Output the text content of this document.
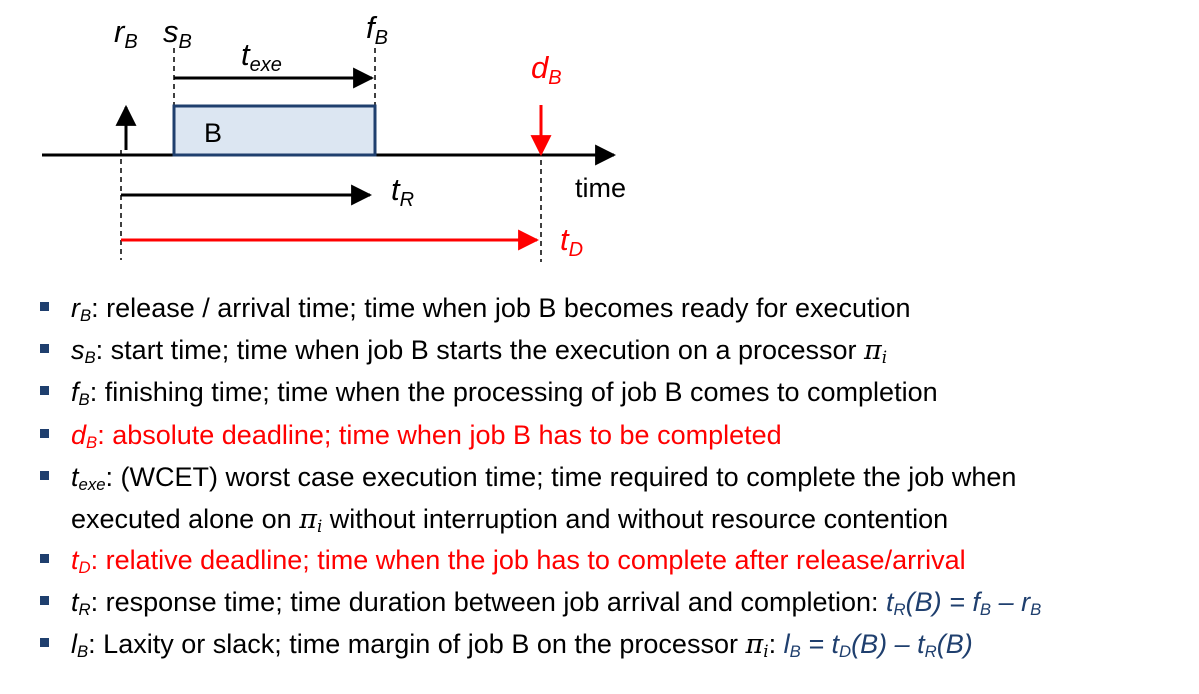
B
rB sB	fB
texe	dB
tR
tD
time
$r_B$: release / arrival time; time when job B becomes ready for execution
$s_B$: start time; time when job B starts the execution on a processor $\pi_i$
$f_B$: finishing time; time when the processing of job B comes to completion
$d_B$: absolute deadline; time when job B has to be completed
$t_{exe}$: (WCET) worst case execution time; time required to complete the job when
executed alone on $\pi_i$ without interruption and without resource contention
$t_D$: relative deadline; time when the job has to complete after release/arrival
$t_R$: response time; time duration between job arrival and completion: $t_R(B) = f_B - r_B$
$l_B$: Laxity or slack; time margin of job B on the processor $\pi_i$: $l_B = t_D(B) - t_R(B)$
